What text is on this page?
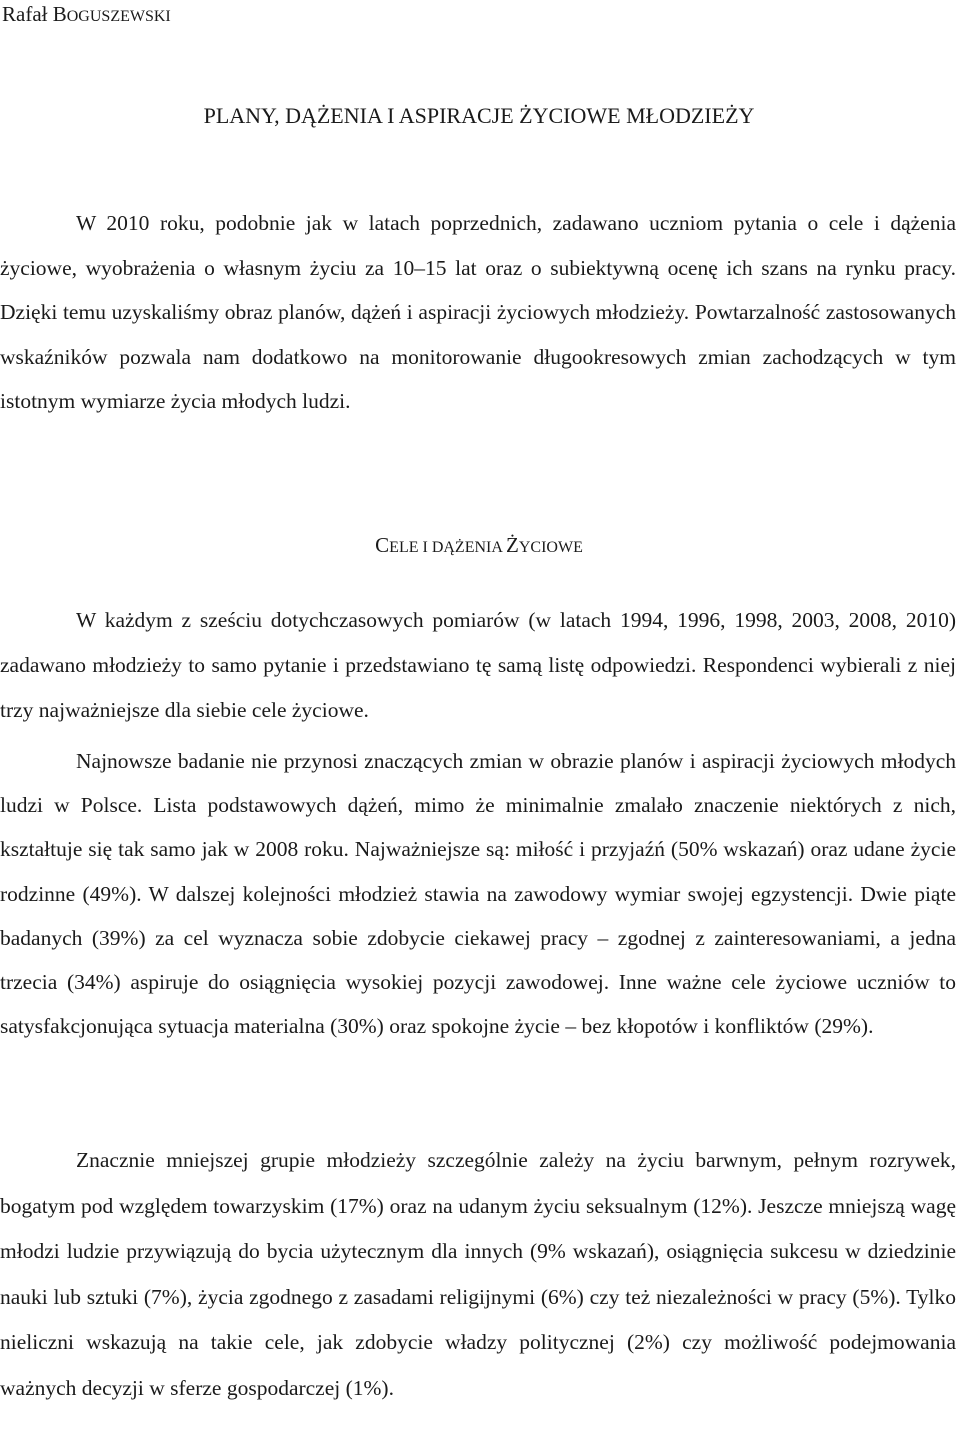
Rafał BOGUSZEWSKI
PLANY, DĄŻENIA I ASPIRACJE ŻYCIOWE MŁODZIEŻY

W 2010 roku, podobnie jak w latach poprzednich, zadawano uczniom pytania o cele i dążenia życiowe, wyobrażenia o własnym życiu za 10–15 lat oraz o subiektywną ocenę ich szans na rynku pracy. Dzięki temu uzyskaliśmy obraz planów, dążeń i aspiracji życiowych młodzieży. Powtarzalność zastosowanych wskaźników pozwala nam dodatkowo na monitorowanie długookresowych zmian zachodzących w tym istotnym wymiarze życia młodych ludzi.

CELE I DĄŻENIA ŻYCIOWE

W każdym z sześciu dotychczasowych pomiarów (w latach 1994, 1996, 1998, 2003, 2008, 2010) zadawano młodzieży to samo pytanie i przedstawiano tę samą listę odpowiedzi. Respondenci wybierali z niej trzy najważniejsze dla siebie cele życiowe.

Najnowsze badanie nie przynosi znaczących zmian w obrazie planów i aspiracji życiowych młodych ludzi w Polsce. Lista podstawowych dążeń, mimo że minimalnie zmalało znaczenie niektórych z nich, kształtuje się tak samo jak w 2008 roku. Najważniejsze są: miłość i przyjaźń (50% wskazań) oraz udane życie rodzinne (49%). W dalszej kolejności młodzież stawia na zawodowy wymiar swojej egzystencji. Dwie piąte badanych (39%) za cel wyznacza sobie zdobycie ciekawej pracy – zgodnej z zainteresowaniami, a jedna trzecia (34%) aspiruje do osiągnięcia wysokiej pozycji zawodowej. Inne ważne cele życiowe uczniów to satysfakcjonująca sytuacja materialna (30%) oraz spokojne życie – bez kłopotów i konfliktów (29%).

Znacznie mniejszej grupie młodzieży szczególnie zależy na życiu barwnym, pełnym rozrywek, bogatym pod względem towarzyskim (17%) oraz na udanym życiu seksualnym (12%). Jeszcze mniejszą wagę młodzi ludzie przywiązują do bycia użytecznym dla innych (9% wskazań), osiągnięcia sukcesu w dziedzinie nauki lub sztuki (7%), życia zgodnego z zasadami religijnymi (6%) czy też niezależności w pracy (5%). Tylko nieliczni wskazują na takie cele, jak zdobycie władzy politycznej (2%) czy możliwość podejmowania ważnych decyzji w sferze gospodarczej (1%).
